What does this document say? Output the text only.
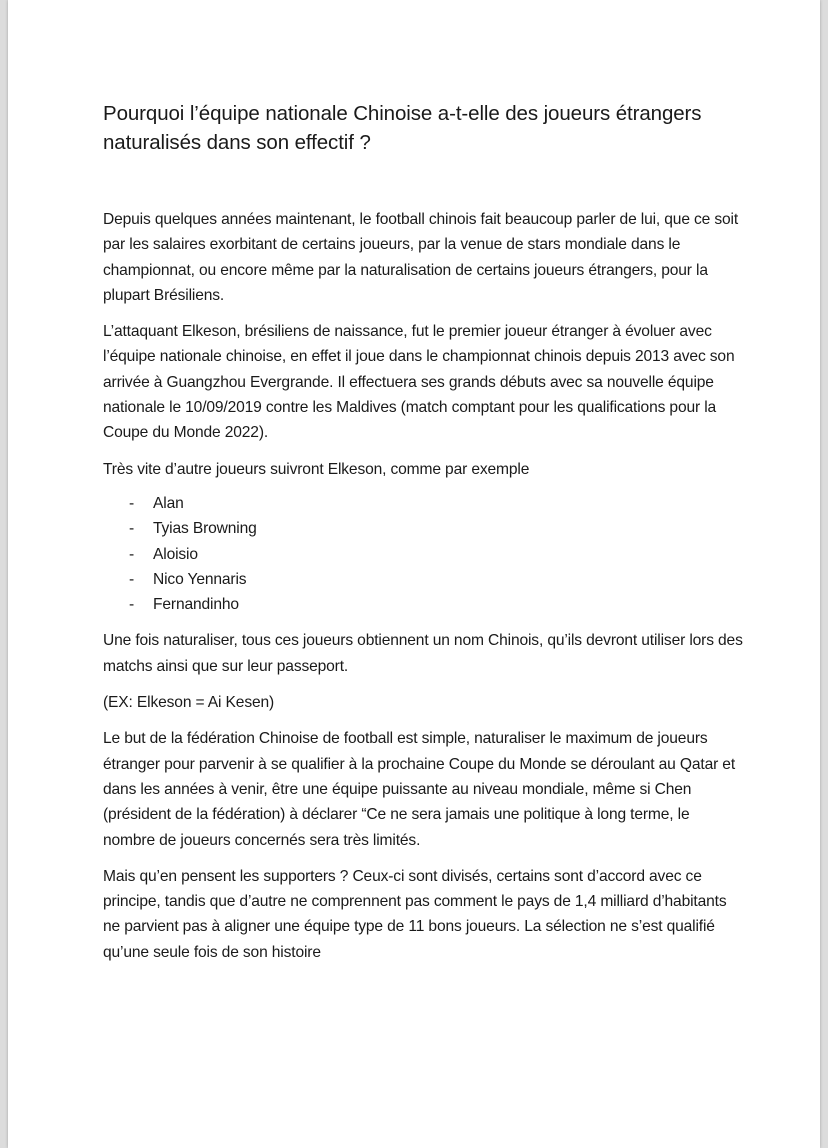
Pourquoi l’équipe nationale Chinoise a-t-elle des joueurs étrangers naturalisés dans son effectif ?

Depuis quelques années maintenant, le football chinois fait beaucoup parler de lui, que ce soit par les salaires exorbitant de certains joueurs, par la venue de stars mondiale dans le championnat, ou encore même par la naturalisation de certains joueurs étrangers, pour la plupart Brésiliens.

L’attaquant Elkeson, brésiliens de naissance, fut le premier joueur étranger à évoluer avec l’équipe nationale chinoise, en effet il joue dans le championnat chinois depuis 2013 avec son arrivée à Guangzhou Evergrande. Il effectuera ses grands débuts avec sa nouvelle équipe nationale le 10/09/2019 contre les Maldives (match comptant pour les qualifications pour la Coupe du Monde 2022).

Très vite d’autre joueurs suivront Elkeson, comme par exemple

- Alan
- Tyias Browning
- Aloisio
- Nico Yennaris
- Fernandinho

Une fois naturaliser, tous ces joueurs obtiennent un nom Chinois, qu’ils devront utiliser lors des matchs ainsi que sur leur passeport.

(EX: Elkeson = Ai Kesen)

Le but de la fédération Chinoise de football est simple, naturaliser le maximum de joueurs étranger pour parvenir à se qualifier à la prochaine Coupe du Monde se déroulant au Qatar et dans les années à venir, être une équipe puissante au niveau mondiale, même si Chen (président de la fédération) à déclarer “Ce ne sera jamais une politique à long terme, le nombre de joueurs concernés sera très limités.

Mais qu’en pensent les supporters ? Ceux-ci sont divisés, certains sont d’accord avec ce principe, tandis que d’autre ne comprennent pas comment le pays de 1,4 milliard d’habitants ne parvient pas à aligner une équipe type de 11 bons joueurs. La sélection ne s’est qualifié qu’une seule fois de son histoire
